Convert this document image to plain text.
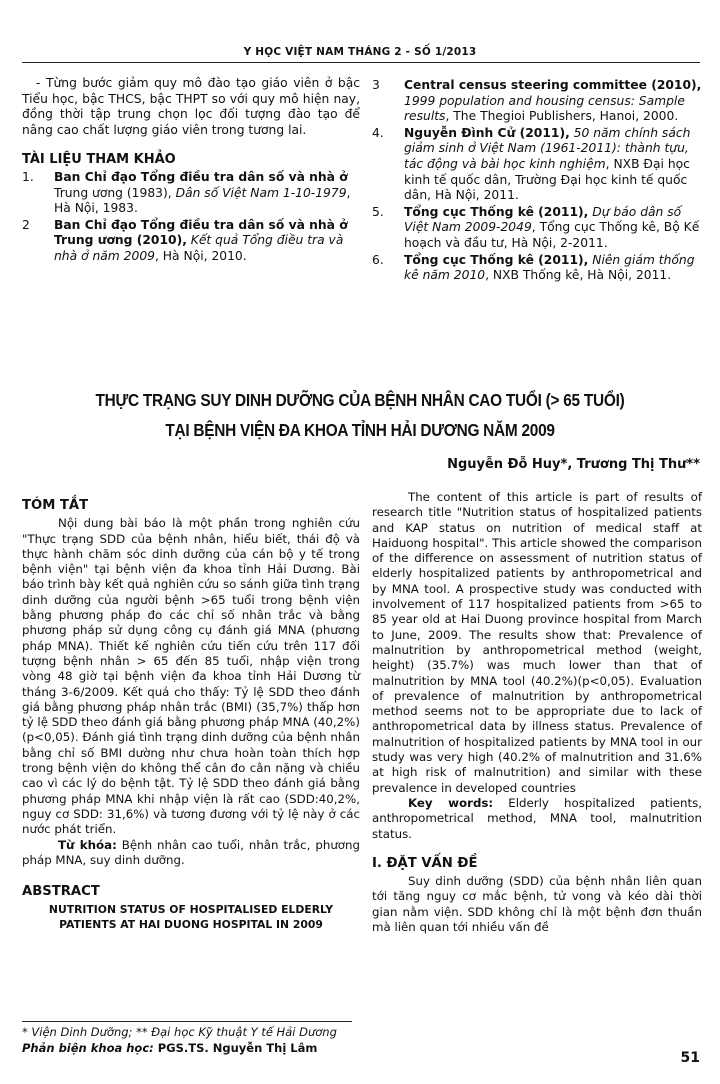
Y HỌC VIỆT NAM THÁNG 2 - SỐ 1/2013
- Từng bước giảm quy mô đào tạo giáo viên ở bậc Tiểu học, bậc THCS, bậc THPT so với quy mô hiện nay, đồng thời tập trung chọn lọc đối tượng đào tạo để nâng cao chất lượng giáo viên trong tương lai.
TÀI LIỆU THAM KHẢO
1.	Ban Chỉ đạo Tổng điều tra dân số và nhà ở Trung ương (1983), Dân số Việt Nam 1-10-1979, Hà Nội, 1983.
2	Ban Chỉ đạo Tổng điều tra dân số và nhà ở Trung ương (2010), Kết quả Tổng điều tra và nhà ở năm 2009, Hà Nội, 2010.
3	Central census steering committee (2010), 1999 population and housing census: Sample results, The Thegioi Publishers, Hanoi, 2000.
4.	Nguyễn Đình Cử (2011), 50 năm chính sách giảm sinh ở Việt Nam (1961-2011): thành tựu, tác động và bài học kinh nghiệm, NXB Đại học kinh tế quốc dân, Trường Đại học kinh tế quốc dân, Hà Nội, 2011.
5.	Tổng cục Thống kê (2011), Dự báo dân số Việt Nam 2009-2049, Tổng cục Thống kê, Bộ Kế hoạch và đầu tư, Hà Nội, 2-2011.
6.	Tổng cục Thống kê (2011), Niên giám thống kê năm 2010, NXB Thống kê, Hà Nội, 2011.
THỰC TRẠNG SUY DINH DƯỠNG CỦA BỆNH NHÂN CAO TUỔI (> 65 TUỔI)
TẠI BỆNH VIỆN ĐA KHOA TỈNH HẢI DƯƠNG NĂM 2009
Nguyễn Đỗ Huy*, Trương Thị Thư**
TÓM TẮT
Nội dung bài báo là một phần trong nghiên cứu "Thực trạng SDD của bệnh nhân, hiểu biết, thái độ và thực hành chăm sóc dinh dưỡng của cán bộ y tế trong bệnh viện" tại bệnh viện đa khoa tỉnh Hải Dương. Bài báo trình bày kết quả nghiên cứu so sánh giữa tình trạng dinh dưỡng của người bệnh >65 tuổi trong bệnh viện bằng phương pháp đo các chỉ số nhân trắc và bằng phương pháp sử dụng công cụ đánh giá MNA (phương pháp MNA). Thiết kế nghiên cứu tiến cứu trên 117 đối tượng bệnh nhân > 65 đến 85 tuổi, nhập viện trong vòng 48 giờ tại bệnh viện đa khoa tỉnh Hải Dương từ tháng 3-6/2009. Kết quả cho thấy: Tỷ lệ SDD theo đánh giá bằng phương pháp nhân trắc (BMI) (35,7%) thấp hơn tỷ lệ SDD theo đánh giá bằng phương pháp MNA (40,2%)(p<0,05). Đánh giá tình trạng dinh dưỡng của bệnh nhân bằng chỉ số BMI dường như chưa hoàn toàn thích hợp trong bệnh viện do không thể cân đo cân nặng và chiều cao vì các lý do bệnh tật. Tỷ lệ SDD theo đánh giá bằng phương pháp MNA khi nhập viện là rất cao (SDD:40,2%, nguy cơ SDD: 31,6%) và tương đương với tỷ lệ này ở các nước phát triển.
Từ khóa: Bệnh nhân cao tuổi, nhân trắc, phương pháp MNA, suy dinh dưỡng.
ABSTRACT
NUTRITION STATUS OF HOSPITALISED ELDERLY PATIENTS AT HAI DUONG HOSPITAL IN 2009
The content of this article is part of results of research title "Nutrition status of hospitalized patients and KAP status on nutrition of medical staff at Haiduong hospital". This article showed the comparison of the difference on assessment of nutrition status of elderly hospitalized patients by anthropometrical and by MNA tool. A prospective study was conducted with involvement of 117 hospitalized patients from >65 to 85 year old at Hai Duong province hospital from March to June, 2009. The results show that: Prevalence of malnutrition by anthropometrical method (weight, height) (35.7%) was much lower than that of malnutrition by MNA tool (40.2%)(p<0,05). Evaluation of prevalence of malnutrition by anthropometrical method seems not to be appropriate due to lack of anthropometrical data by illness status. Prevalence of malnutrition of hospitalized patients by MNA tool in our study was very high (40.2% of malnutrition and 31.6% at high risk of malnutrition) and similar with these prevalence in developed countries
Key words: Elderly hospitalized patients, anthropometrical method, MNA tool, malnutrition status.
I. ĐẶT VẤN ĐỀ
Suy dinh dưỡng (SDD) của bệnh nhân liên quan tới tăng nguy cơ mắc bệnh, tử vong và kéo dài thời gian nằm viện. SDD không chỉ là một bệnh đơn thuần mà liên quan tới nhiều vấn đề
* Viện Dinh Dưỡng; ** Đại học Kỹ thuật Y tế Hải Dương
Phản biện khoa học: PGS.TS. Nguyễn Thị Lâm
51
